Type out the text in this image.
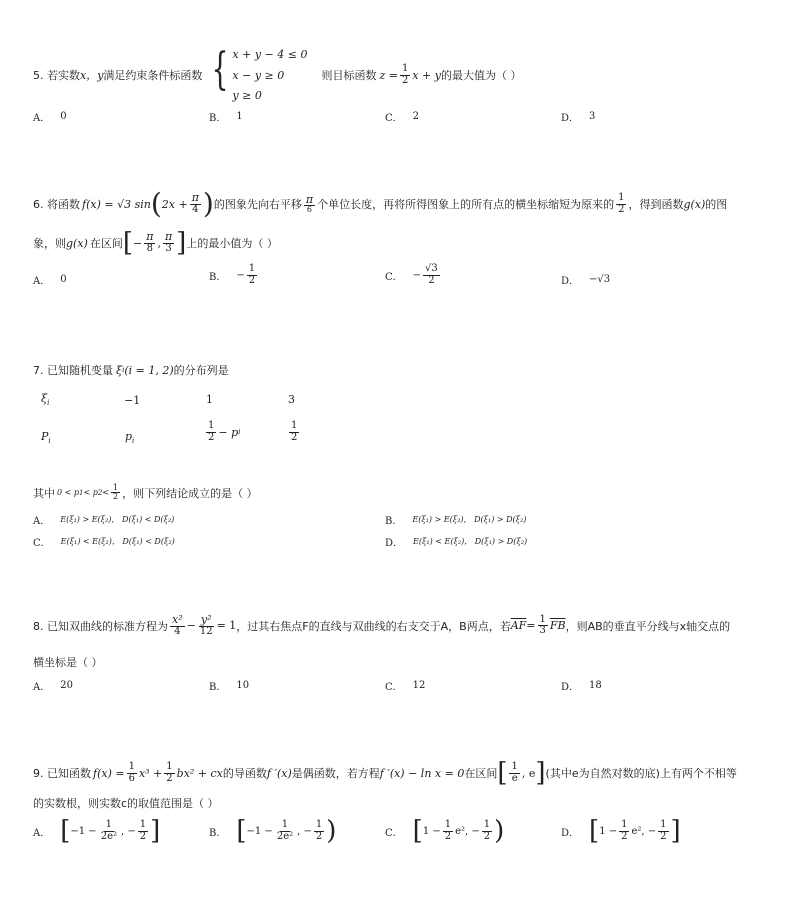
5. 若实数 x，y 满足约束条件标函数 { x + y − 4 ≤ 0
x − y ≥ 0
y ≥ 0
则目标函数 $z = \frac{1}{2}$ x + y 的最大值为（ ）
A． 0	B． 1	C． 2	D． 3
6. 将函数 f(x) = √3 sin ( $2x + \frac{\pi}{4}$ ) 的图象先向右平移 $\frac{\pi}{6}$ 个单位长度，再将所得图象上的所有点的横坐标缩短为原来的 $\frac{1}{2}$ ，得到函数 g(x) 的图
象，则 g(x) 在区间 [ − $\frac{\pi}{8}$ , $\frac{\pi}{3}$ ] 上的最小值为（ ）
A． 0	B． − $\frac{1}{2}$	C． − $\frac{√3}{2}$	D． −√3
7. 已知随机变量 ξ i (i = 1, 2) 的分布列是
$\xi_i$	−1	1	3
$P_i$	$p_i$	$\frac{1}{2} - p$ i	$\frac{1}{2}$
其中 0 < p 1 < p $2 < \frac{1}{2}$ ，则下列结论成立的是（ ）
A． E(ξ₁) > E(ξ₂)， D(ξ₁) < D(ξ₂)	B． E(ξ₁) > E(ξ₂)， D(ξ₁) > D(ξ₂)
C． E(ξ₁) < E(ξ₂)， D(ξ₁) < D(ξ₂)	D． E(ξ₁) < E(ξ₂)， D(ξ₁) > D(ξ₂)
8. 已知双曲线的标准方程为 $\frac{\text{x²}}{4} - \frac{\text{y²}}{12} = 1$ ，过其右焦点F的直线与双曲线的右支交于A，B两点，若 $\overline{AF} = \frac{1}{3} \overline{FB}$ ，则AB的垂直平分线与x轴交点的
横坐标是（ ）
A． 20	B． 10	C． 12	D． 18
9. 已知函数 $f(x) = \frac{1}{6} x^3 + \frac{1}{2} bx^2$ + cx 的导函数 f ′(x) 是偶函数，若方程 f ′(x) − ln x = 0 在区间 [ $\frac{1}{e}$ , e ] (其中e为自然对数的底)上有两个不相等
的实数根，则实数c的取值范围是（ ）
A． [ $-1 - \frac{1}{\text{2e²}}$ , − $\frac{1}{2}$ ]	B． [ $-1 - \frac{1}{\text{2e²}}$ , − $\frac{1}{2}$ )	C． [ $1 - \frac{1}{2} e^2$, − $\frac{1}{2}$ )	D． [ $1 - \frac{1}{2} e^2$, − $\frac{1}{2}$ ]
